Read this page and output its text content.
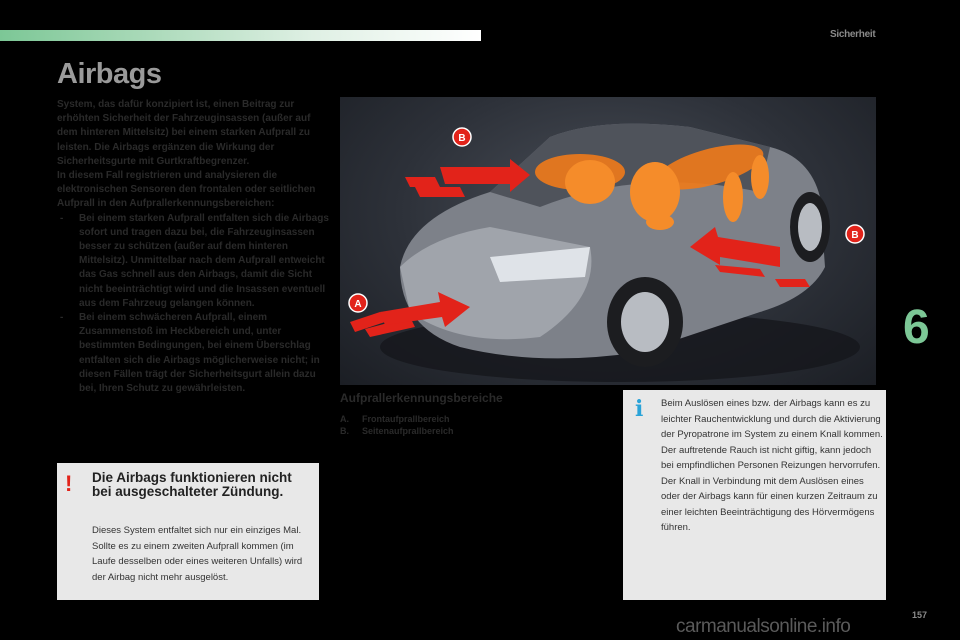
Sicherheit
Airbags

System, das dafür konzipiert ist, einen Beitrag zur erhöhten Sicherheit der Fahrzeuginsassen (außer auf dem hinteren Mittelsitz) bei einem starken Aufprall zu leisten. Die Airbags ergänzen die Wirkung der Sicherheitsgurte mit Gurtkraftbegrenzer.

In diesem Fall registrieren und analysieren die elektronischen Sensoren den frontalen oder seitlichen Aufprall in den Aufprallerkennungsbereichen:

- Bei einem starken Aufprall entfalten sich die Airbags sofort und tragen dazu bei, die Fahrzeuginsassen besser zu schützen (außer auf dem hinteren Mittelsitz). Unmittelbar nach dem Aufprall entweicht das Gas schnell aus den Airbags, damit die Sicht nicht beeinträchtigt wird und die Insassen eventuell aus dem Fahrzeug gelangen können.
- Bei einem schwächeren Aufprall, einem Zusammenstoß im Heckbereich und, unter bestimmten Bedingungen, bei einem Überschlag entfalten sich die Airbags möglicherweise nicht; in diesen Fällen trägt der Sicherheitsgurt allein dazu bei, Ihren Schutz zu gewährleisten.
B
B
A
Aufprallerkennungsbereiche
A.	Frontaufprallbereich
B.	Seitenaufprallbereich
! Die Airbags funktionieren nicht bei ausgeschalteter Zündung.
Dieses System entfaltet sich nur ein einziges Mal. Sollte es zu einem zweiten Aufprall kommen (im Laufe desselben oder eines weiteren Unfalls) wird der Airbag nicht mehr ausgelöst.
i Beim Auslösen eines bzw. der Airbags kann es zu leichter Rauchentwicklung und durch die Aktivierung der Pyropatrone im System zu einem Knall kommen.
Der auftretende Rauch ist nicht giftig, kann jedoch bei empfindlichen Personen Reizungen hervorrufen.
Der Knall in Verbindung mit dem Auslösen eines oder der Airbags kann für einen kurzen Zeitraum zu einer leichten Beeinträchtigung des Hörvermögens führen.
6
carmanualsonline.info
157
